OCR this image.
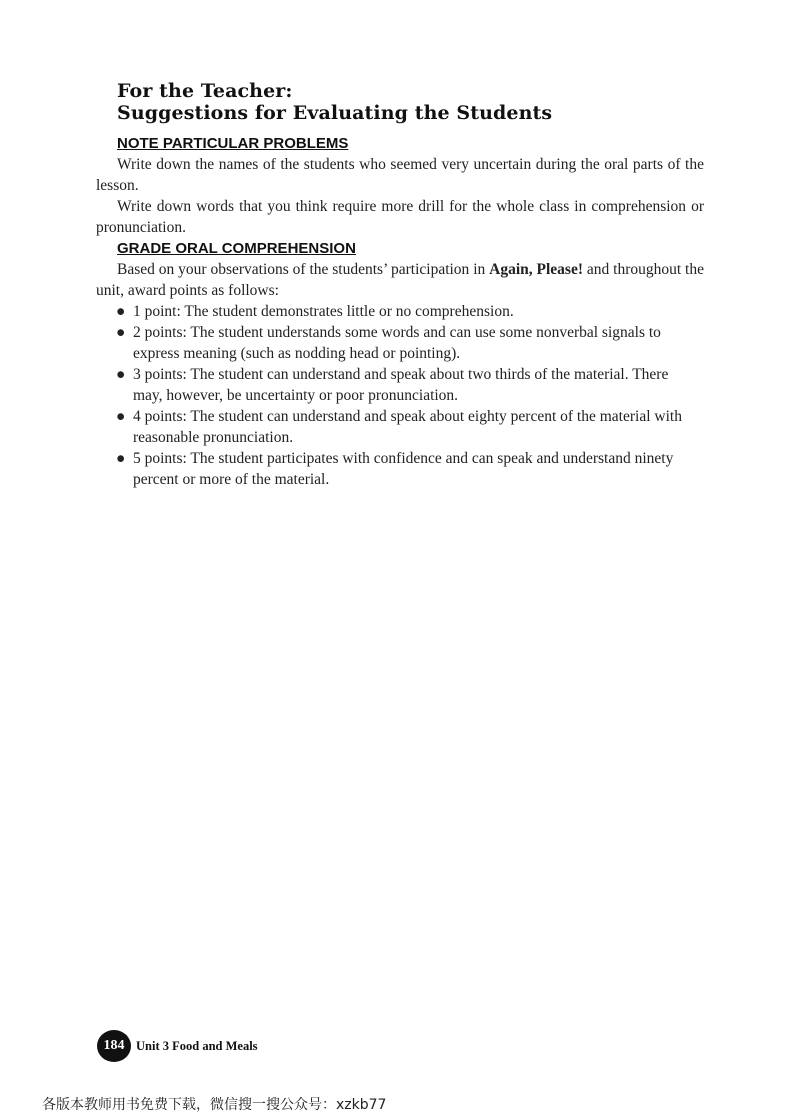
For the Teacher:
Suggestions for Evaluating the Students
NOTE PARTICULAR PROBLEMS

Write down the names of the students who seemed very uncertain during the oral parts of the lesson.

Write down words that you think require more drill for the whole class in comprehension or pronunciation.

GRADE ORAL COMPREHENSION

Based on your observations of the students’ participation in Again, Please! and throughout the unit, award points as follows:

● 1 point: The student demonstrates little or no comprehension.
● 2 points: The student understands some words and can use some nonverbal signals to express meaning (such as nodding head or pointing).
● 3 points: The student can understand and speak about two thirds of the material. There may, however, be uncertainty or poor pronunciation.
● 4 points: The student can understand and speak about eighty percent of the material with reasonable pronunciation.
● 5 points: The student participates with confidence and can speak and understand ninety percent or more of the material.
184 Unit 3 Food and Meals
各版本教师用书免费下载，微信搜一搜公众号：xzkb77
